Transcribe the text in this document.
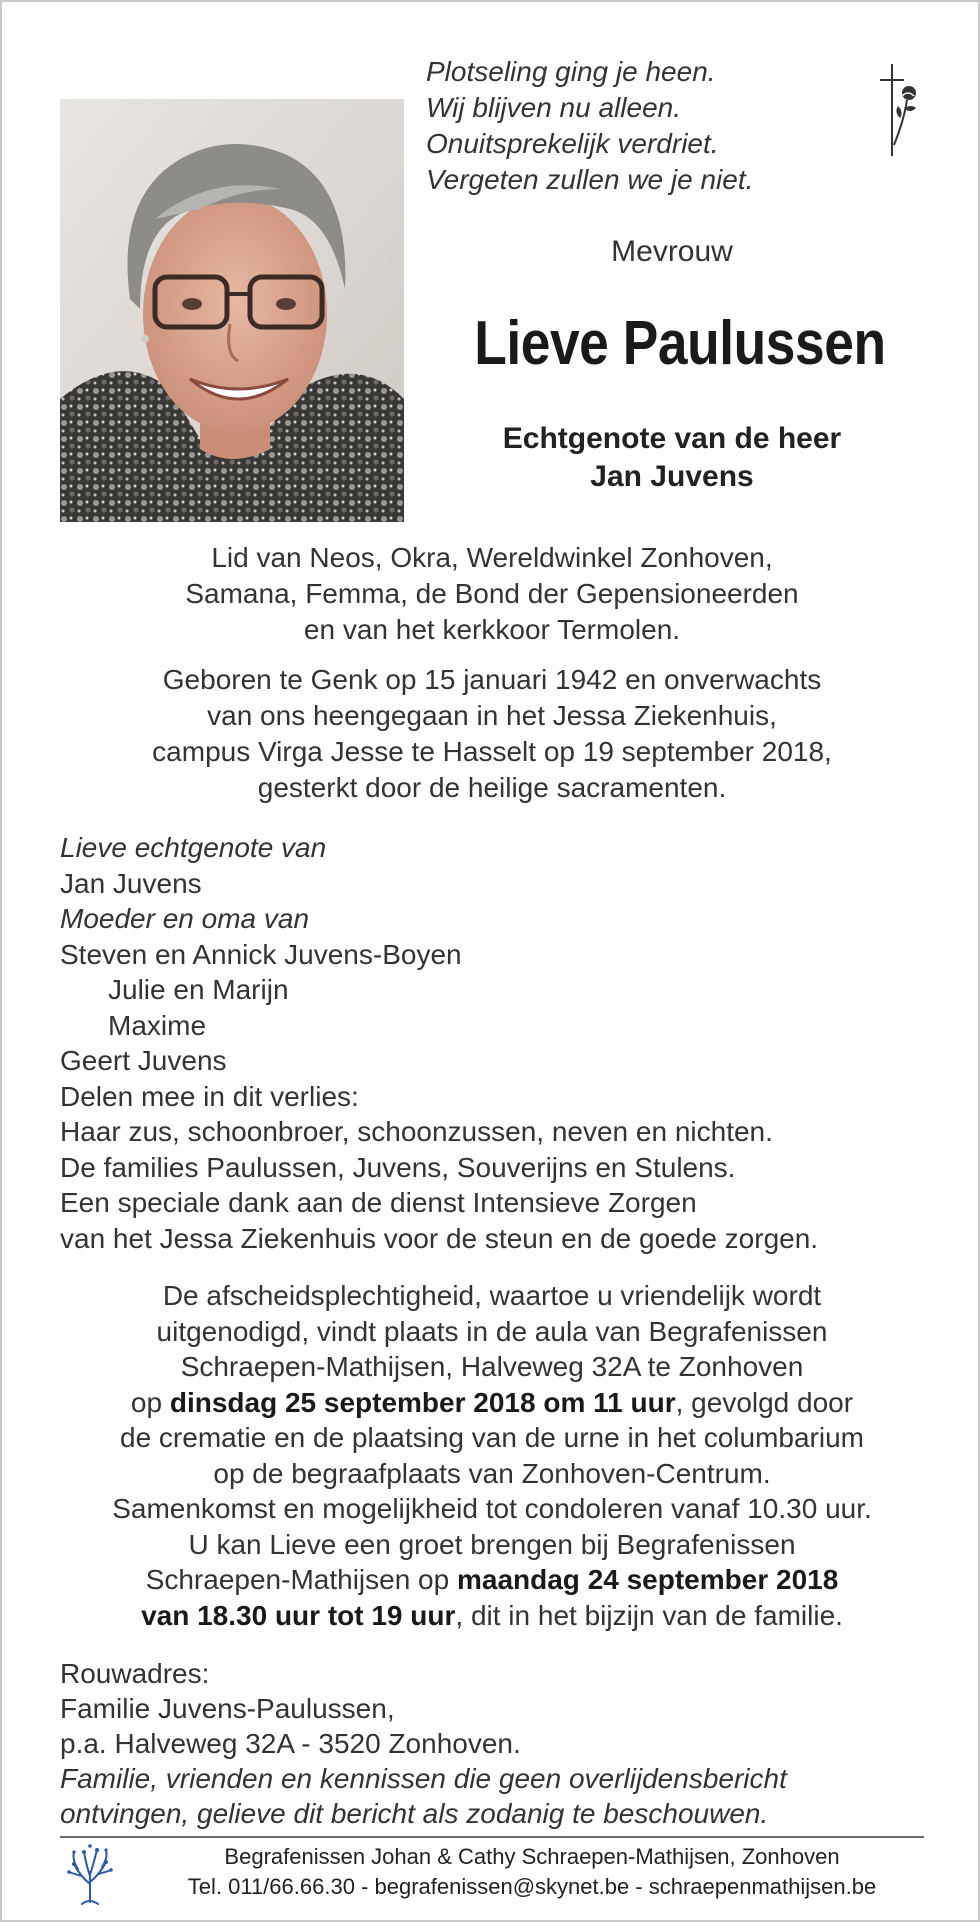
Plotseling ging je heen.
Wij blijven nu alleen.
Onuitsprekelijk verdriet.
Vergeten zullen we je niet.
Mevrouw
Lieve Paulussen
Echtgenote van de heer
Jan Juvens
Lid van Neos, Okra, Wereldwinkel Zonhoven,
Samana, Femma, de Bond der Gepensioneerden
en van het kerkkoor Termolen.
Geboren te Genk op 15 januari 1942 en onverwachts
van ons heengegaan in het Jessa Ziekenhuis,
campus Virga Jesse te Hasselt op 19 september 2018,
gesterkt door de heilige sacramenten.
Lieve echtgenote van
Jan Juvens
Moeder en oma van
Steven en Annick Juvens-Boyen
Julie en Marijn
Maxime
Geert Juvens
Delen mee in dit verlies:
Haar zus, schoonbroer, schoonzussen, neven en nichten.
De families Paulussen, Juvens, Souverijns en Stulens.
Een speciale dank aan de dienst Intensieve Zorgen
van het Jessa Ziekenhuis voor de steun en de goede zorgen.
De afscheidsplechtigheid, waartoe u vriendelijk wordt
uitgenodigd, vindt plaats in de aula van Begrafenissen
Schraepen-Mathijsen, Halveweg 32A te Zonhoven
op dinsdag 25 september 2018 om 11 uur, gevolgd door
de crematie en de plaatsing van de urne in het columbarium
op de begraafplaats van Zonhoven-Centrum.
Samenkomst en mogelijkheid tot condoleren vanaf 10.30 uur.
U kan Lieve een groet brengen bij Begrafenissen
Schraepen-Mathijsen op maandag 24 september 2018
van 18.30 uur tot 19 uur, dit in het bijzijn van de familie.
Rouwadres:
Familie Juvens-Paulussen,
p.a. Halveweg 32A - 3520 Zonhoven.
Familie, vrienden en kennissen die geen overlijdensbericht
ontvingen, gelieve dit bericht als zodanig te beschouwen.
Begrafenissen Johan & Cathy Schraepen-Mathijsen, Zonhoven
Tel. 011/66.66.30 - begrafenissen@skynet.be - schraepenmathijsen.be
